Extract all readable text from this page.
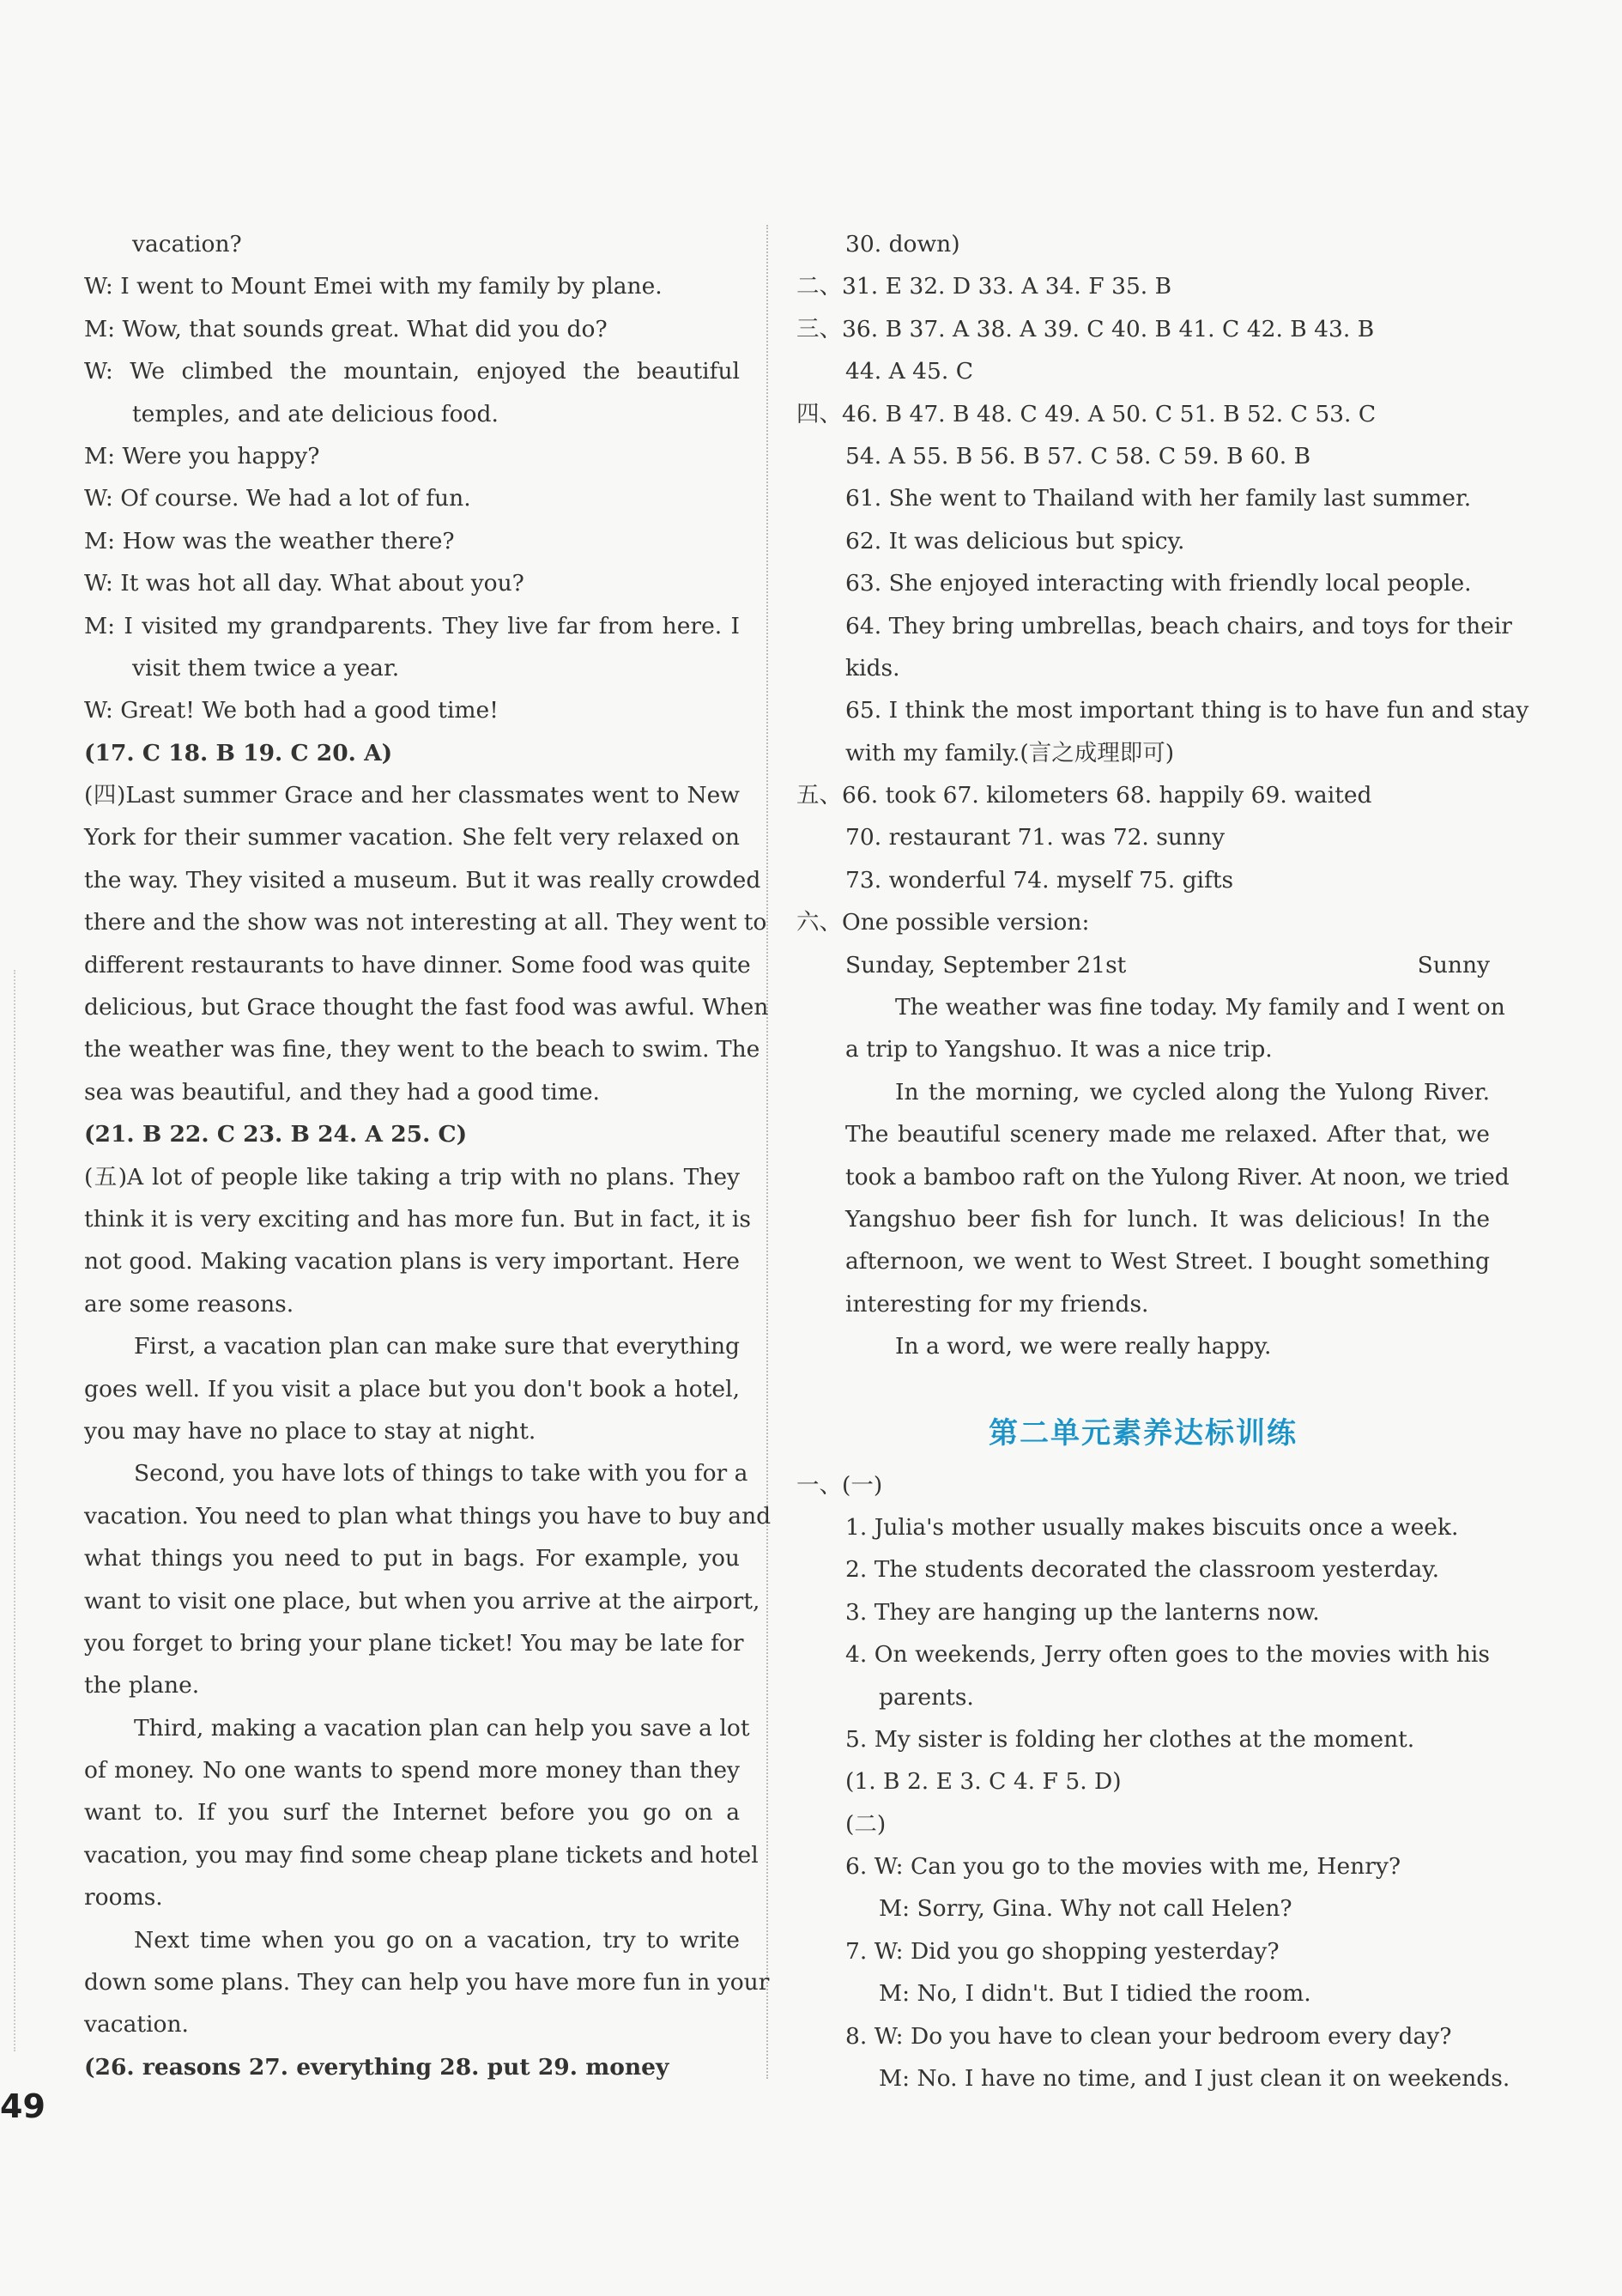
vacation?
W: I went to Mount Emei with my family by plane.
M: Wow, that sounds great. What did you do?
W: We climbed the mountain, enjoyed the beautiful
temples, and ate delicious food.
M: Were you happy?
W: Of course. We had a lot of fun.
M: How was the weather there?
W: It was hot all day. What about you?
M: I visited my grandparents. They live far from here. I
visit them twice a year.
W: Great! We both had a good time!
(17. C 18. B 19. C 20. A)
(四)Last summer Grace and her classmates went to New
York for their summer vacation. She felt very relaxed on
the way. They visited a museum. But it was really crowded
there and the show was not interesting at all. They went to
different restaurants to have dinner. Some food was quite
delicious, but Grace thought the fast food was awful. When
the weather was fine, they went to the beach to swim. The
sea was beautiful, and they had a good time.
(21. B 22. C 23. B 24. A 25. C)
(五)A lot of people like taking a trip with no plans. They
think it is very exciting and has more fun. But in fact, it is
not good. Making vacation plans is very important. Here
are some reasons.
First, a vacation plan can make sure that everything
goes well. If you visit a place but you don't book a hotel,
you may have no place to stay at night.
Second, you have lots of things to take with you for a
vacation. You need to plan what things you have to buy and
what things you need to put in bags. For example, you
want to visit one place, but when you arrive at the airport,
you forget to bring your plane ticket! You may be late for
the plane.
Third, making a vacation plan can help you save a lot
of money. No one wants to spend more money than they
want to. If you surf the Internet before you go on a
vacation, you may find some cheap plane tickets and hotel
rooms.
Next time when you go on a vacation, try to write
down some plans. They can help you have more fun in your
vacation.
(26. reasons 27. everything 28. put 29. money
30. down)
二、31. E 32. D 33. A 34. F 35. B
三、36. B 37. A 38. A 39. C 40. B 41. C 42. B 43. B
44. A 45. C
四、46. B 47. B 48. C 49. A 50. C 51. B 52. C 53. C
54. A 55. B 56. B 57. C 58. C 59. B 60. B
61. She went to Thailand with her family last summer.
62. It was delicious but spicy.
63. She enjoyed interacting with friendly local people.
64. They bring umbrellas, beach chairs, and toys for their
kids.
65. I think the most important thing is to have fun and stay
with my family.(言之成理即可)
五、66. took 67. kilometers 68. happily 69. waited
70. restaurant 71. was 72. sunny
73. wonderful 74. myself 75. gifts
六、One possible version:
Sunday, September 21st	Sunny
The weather was fine today. My family and I went on
a trip to Yangshuo. It was a nice trip.
In the morning, we cycled along the Yulong River.
The beautiful scenery made me relaxed. After that, we
took a bamboo raft on the Yulong River. At noon, we tried
Yangshuo beer fish for lunch. It was delicious! In the
afternoon, we went to West Street. I bought something
interesting for my friends.
In a word, we were really happy.
第二单元素养达标训练
一、(一)
1. Julia's mother usually makes biscuits once a week.
2. The students decorated the classroom yesterday.
3. They are hanging up the lanterns now.
4. On weekends, Jerry often goes to the movies with his
parents.
5. My sister is folding her clothes at the moment.
(1. B 2. E 3. C 4. F 5. D)
(二)
6. W: Can you go to the movies with me, Henry?
M: Sorry, Gina. Why not call Helen?
7. W: Did you go shopping yesterday?
M: No, I didn't. But I tidied the room.
8. W: Do you have to clean your bedroom every day?
M: No. I have no time, and I just clean it on weekends.
49
